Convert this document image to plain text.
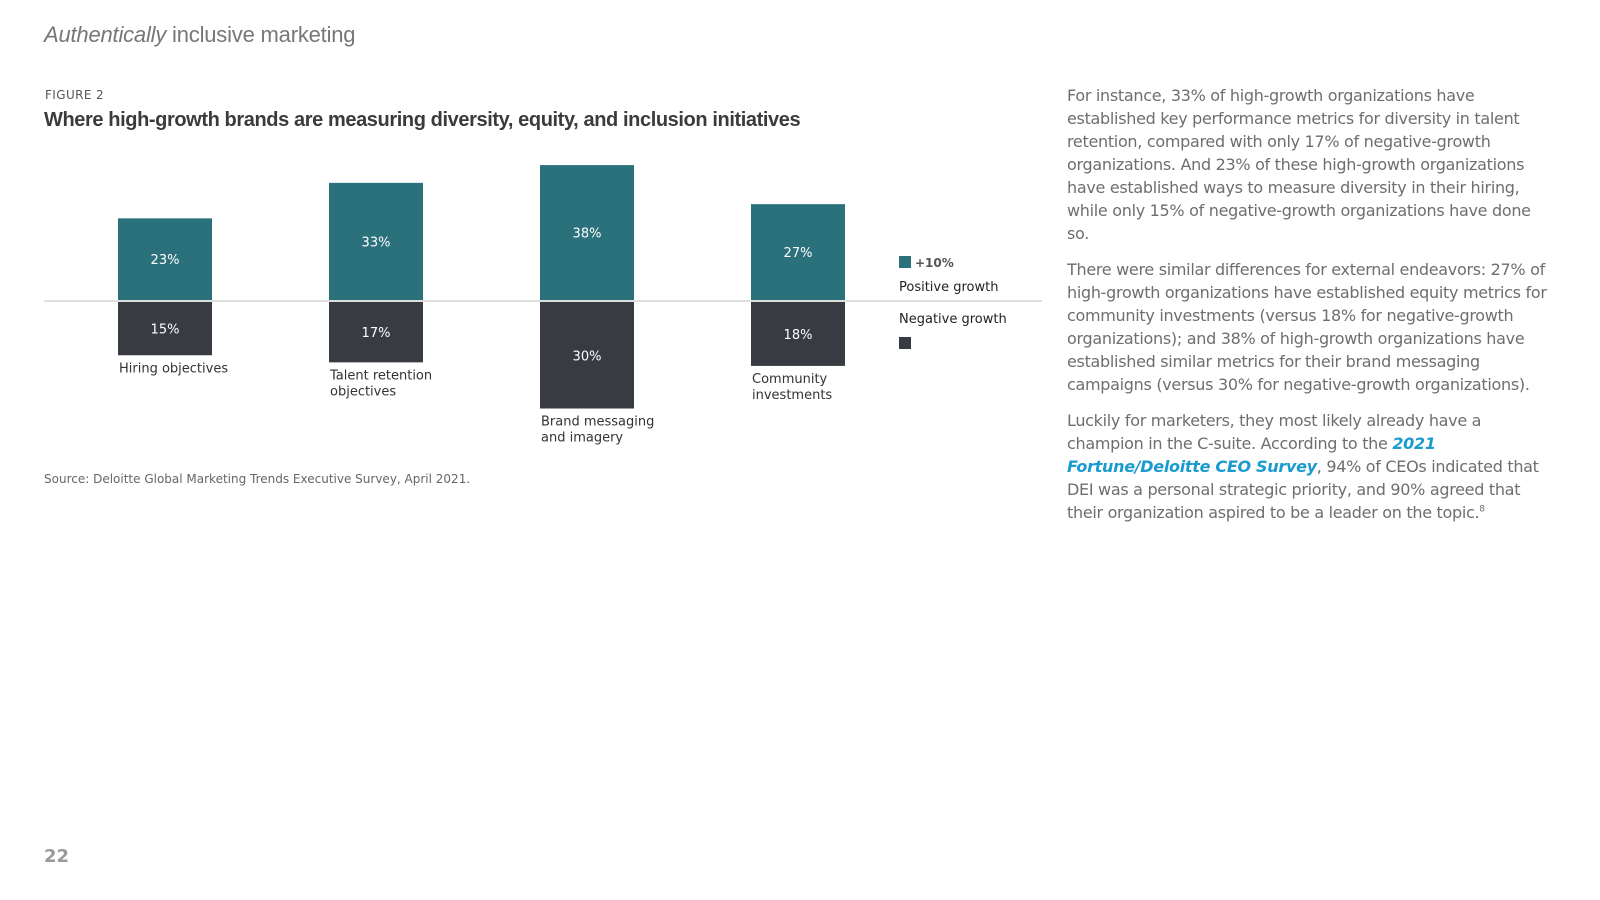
Authentically inclusive marketing
FIGURE 2
Where high-growth brands are measuring diversity, equity, and inclusion initiatives
23%
15%
Hiring objectives
33%
17%
Talent retention objectives
38%
30%
Brand messaging and imagery
27%
18%
Community investments
+10%
Positive growth
Negative growth
Source: Deloitte Global Marketing Trends Executive Survey, April 2021.

For instance, 33% of high-growth organizations have established key performance metrics for diversity in talent retention, compared with only 17% of negative-growth organizations. And 23% of these high-growth organizations have established ways to measure diversity in their hiring, while only 15% of negative-growth organizations have done so.

There were similar differences for external endeavors: 27% of high-growth organizations have established equity metrics for community investments (versus 18% for negative-growth organizations); and 38% of high-growth organizations have established similar metrics for their brand messaging campaigns (versus 30% for negative-growth organizations).

Luckily for marketers, they most likely already have a champion in the C-suite. According to the 2021 Fortune/Deloitte CEO Survey, 94% of CEOs indicated that DEI was a personal strategic priority, and 90% agreed that their organization aspired to be a leader on the topic.$^8$

22
